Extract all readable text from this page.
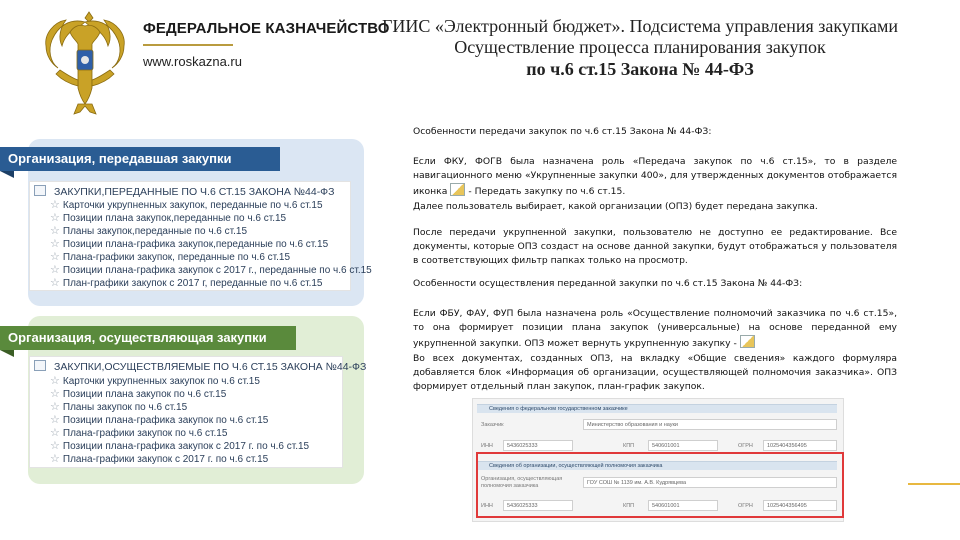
ФЕДЕРАЛЬНОЕ КАЗНАЧЕЙСТВО
www.roskazna.ru
ГИИС «Электронный бюджет». Подсистема управления закупками
Осуществление процесса планирования закупок
по ч.6 ст.15 Закона № 44-ФЗ
Организация, передавшая закупки
ЗАКУПКИ,ПЕРЕДАННЫЕ ПО Ч.6 СТ.15 ЗАКОНА №44-ФЗ
☆ Карточки укрупненных закупок, переданные по ч.6 ст.15
☆ Позиции плана закупок,переданные по ч.6 ст.15
☆ Планы закупок,переданные по ч.6 ст.15
☆ Позиции плана-графика закупок,переданные по ч.6 ст.15
☆ Плана-графики закупок, переданные по ч.6 ст.15
☆ Позиции плана-графика закупок с 2017 г., переданные по ч.6 ст.15
☆ План-графики закупок с 2017 г, переданные по ч.6 ст.15
Организация, осуществляющая закупки
ЗАКУПКИ,ОСУЩЕСТВЛЯЕМЫЕ ПО Ч.6 СТ.15 ЗАКОНА №44-ФЗ
☆ Карточки укрупненных закупок по ч.6 ст.15
☆ Позиции плана закупок по ч.6 ст.15
☆ Планы закупок по ч.6 ст.15
☆ Позиции плана-графика закупок по ч.6 ст.15
☆ Плана-графики закупок по ч.6 ст.15
☆ Позиции плана-графика закупок с 2017 г. по ч.6 ст.15
☆ Плана-графики закупок с 2017 г. по ч.6 ст.15
Особенности передачи закупок по ч.6 ст.15 Закона № 44-ФЗ:
Если ФКУ, ФОГВ была назначена роль «Передача закупок по ч.6 ст.15», то в разделе навигационного меню «Укрупненные закупки 400», для утвержденных документов отображается иконка - Передать закупку по ч.6 ст.15.
Далее пользователь выбирает, какой организации (ОПЗ) будет передана закупка.
После передачи укрупненной закупки, пользователю не доступно ее редактирование. Все документы, которые ОПЗ создаст на основе данной закупки, будут отображаться у пользователя в соответствующих фильтр папках только на просмотр.
Особенности осуществления переданной закупки по ч.6 ст.15 Закона № 44-ФЗ:
Если ФБУ, ФАУ, ФУП была назначена роль «Осуществление полномочий заказчика по ч.6 ст.15», то она формирует позиции плана закупок (универсальные) на основе переданной ему укрупненной закупки. ОПЗ может вернуть укрупненную закупку -
Во всех документах, созданных ОПЗ, на вкладку «Общие сведения» каждого формуляра добавляется блок «Информация об организации, осуществляющей полномочия заказчика». ОПЗ формирует отдельный план закупок, план-график закупок.
Сведения о федеральном государственном заказчике
Заказчик	Министерство образования и науки
ИНН	5436025333	КПП	540601001	ОГРН	1025404356495
Сведения об организации, осуществляющей полномочия заказчика
Организация, осуществляющая полномочия заказчика	ГОУ СОШ № 1139 им. А.В. Кудрявцева
ИНН	5436025333	КПП	540601001	ОГРН	1025404356495
